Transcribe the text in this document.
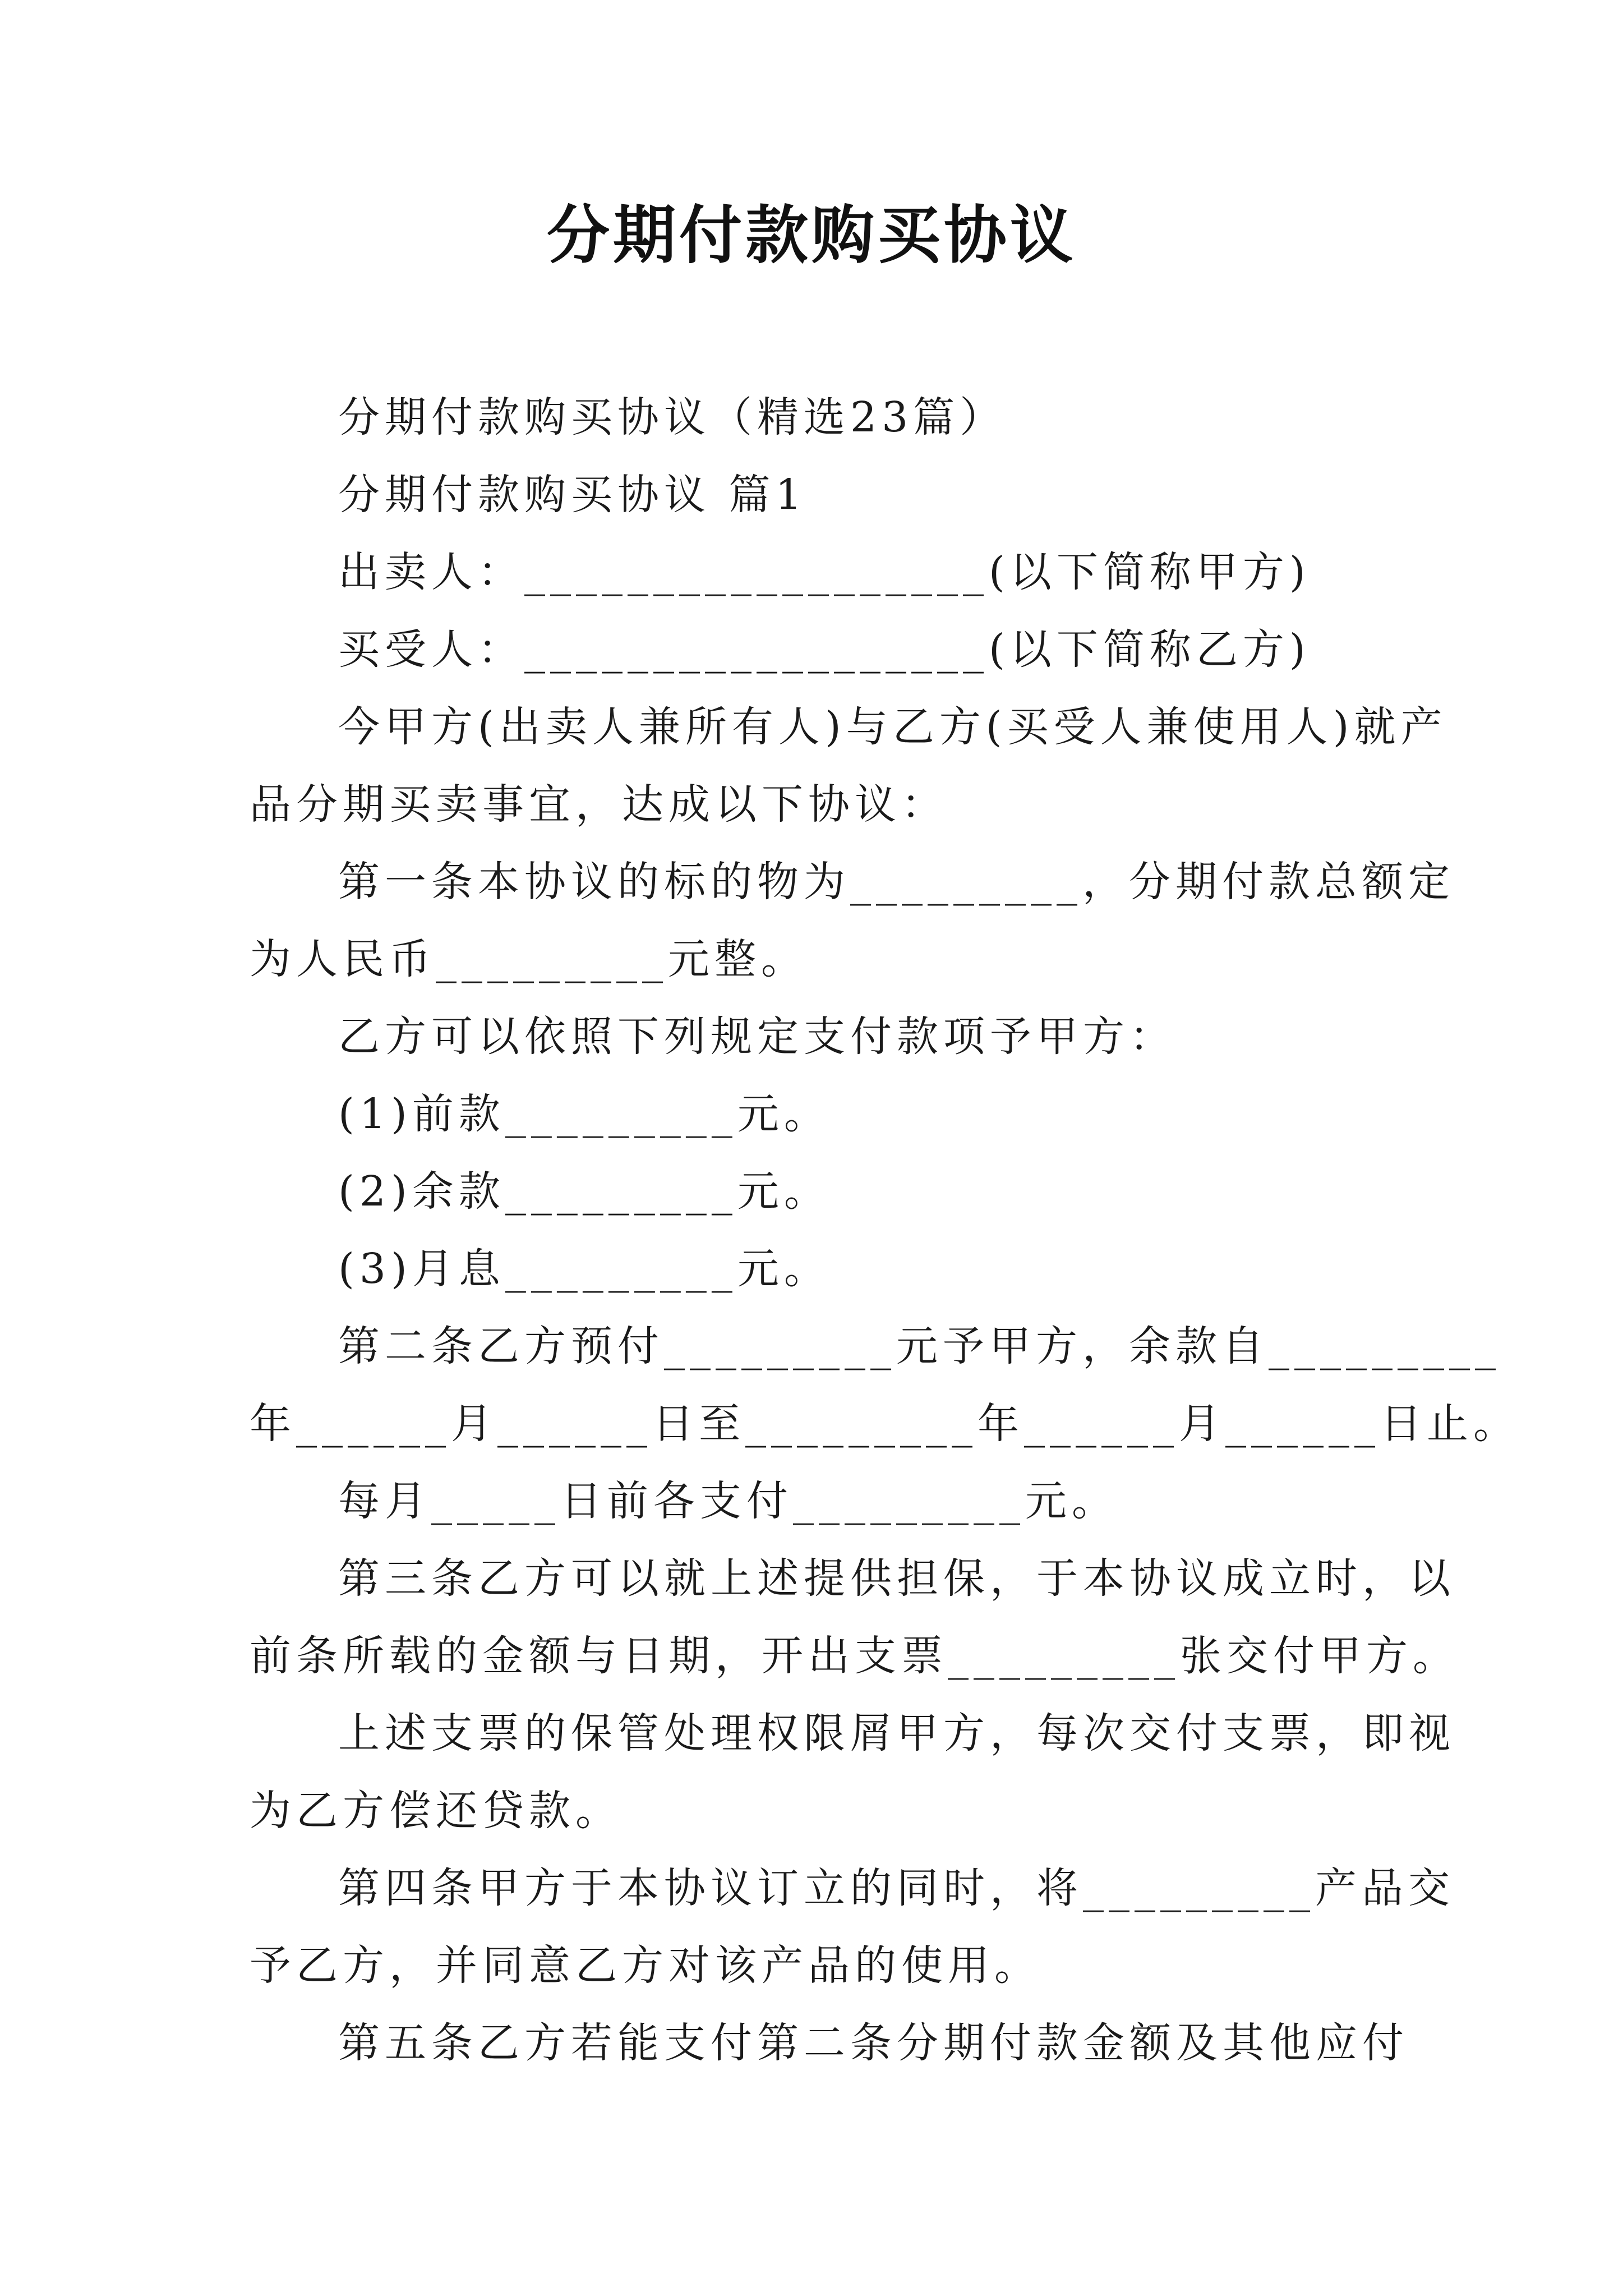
分期付款购买协议

分期付款购买协议（精选23篇）

分期付款购买协议 篇1

出卖人：__________________(以下简称甲方)

买受人：__________________(以下简称乙方)

今甲方(出卖人兼所有人)与乙方(买受人兼使用人)就产

品分期买卖事宜，达成以下协议：

第一条本协议的标的物为_________，分期付款总额定

为人民币_________元整。

乙方可以依照下列规定支付款项予甲方：

(1)前款_________元。

(2)余款_________元。

(3)月息_________元。

第二条乙方预付_________元予甲方，余款自_________

年______月______日至_________年______月______日止。

每月_____日前各支付_________元。

第三条乙方可以就上述提供担保，于本协议成立时，以

前条所载的金额与日期，开出支票_________张交付甲方。

上述支票的保管处理权限屑甲方，每次交付支票，即视

为乙方偿还贷款。

第四条甲方于本协议订立的同时，将_________产品交

予乙方，并同意乙方对该产品的使用。

第五条乙方若能支付第二条分期付款金额及其他应付
